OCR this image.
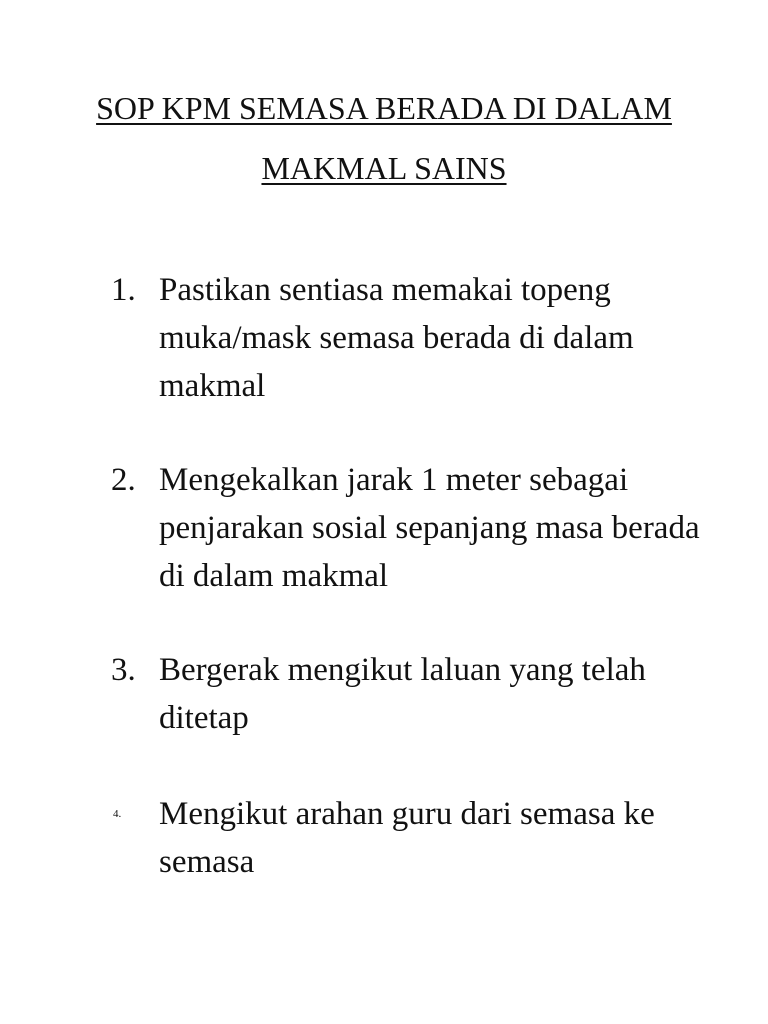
SOP KPM SEMASA BERADA DI DALAM

MAKMAL SAINS

1. Pastikan sentiasa memakai topeng
muka/mask semasa berada di dalam
makmal
2. Mengekalkan jarak 1 meter sebagai
penjarakan sosial sepanjang masa berada
di dalam makmal
3. Bergerak mengikut laluan yang telah
ditetap
4. Mengikut arahan guru dari semasa ke
semasa
